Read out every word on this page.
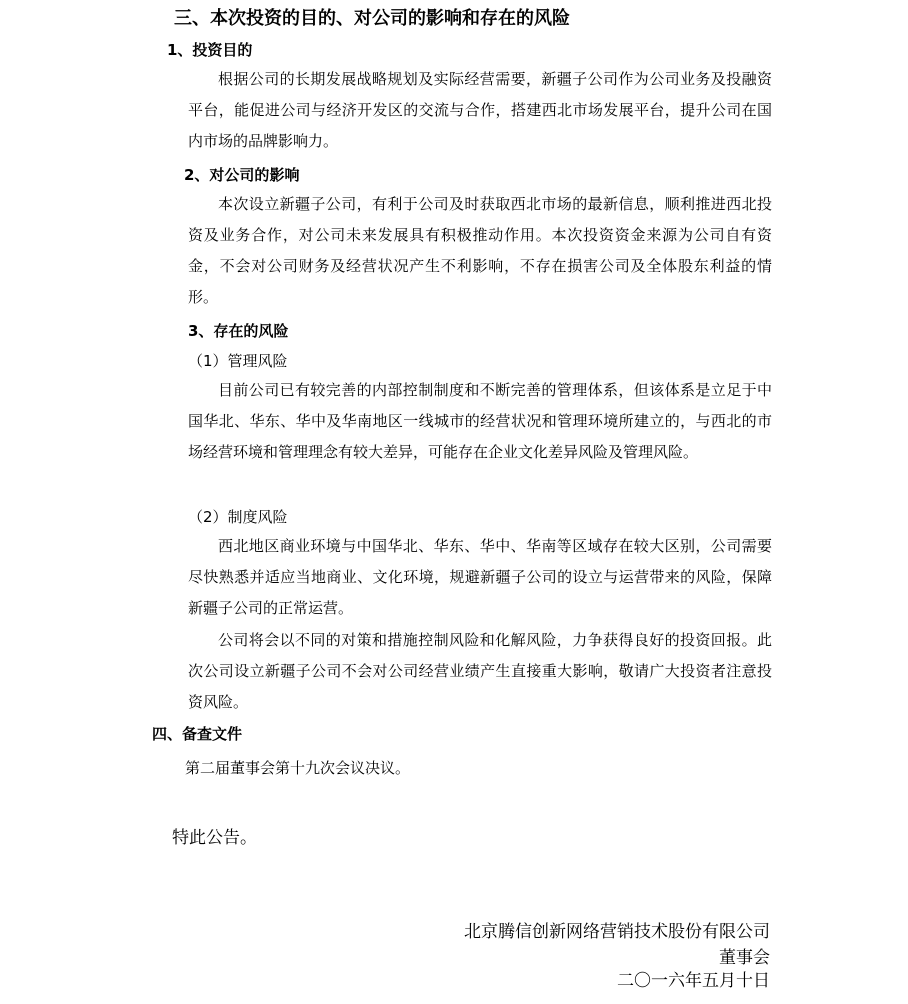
三、本次投资的目的、对公司的影响和存在的风险
1、投资目的

根据公司的长期发展战略规划及实际经营需要，新疆子公司作为公司业务及投融资平台，能促进公司与经济开发区的交流与合作，搭建西北市场发展平台，提升公司在国内市场的品牌影响力。

2、对公司的影响

本次设立新疆子公司，有利于公司及时获取西北市场的最新信息，顺利推进西北投资及业务合作，对公司未来发展具有积极推动作用。本次投资资金来源为公司自有资金，不会对公司财务及经营状况产生不利影响，不存在损害公司及全体股东利益的情形。

3、存在的风险

（1）管理风险

目前公司已有较完善的内部控制制度和不断完善的管理体系，但该体系是立足于中国华北、华东、华中及华南地区一线城市的经营状况和管理环境所建立的，与西北的市场经营环境和管理理念有较大差异，可能存在企业文化差异风险及管理风险。

（2）制度风险

西北地区商业环境与中国华北、华东、华中、华南等区域存在较大区别，公司需要尽快熟悉并适应当地商业、文化环境，规避新疆子公司的设立与运营带来的风险，保障新疆子公司的正常运营。

公司将会以不同的对策和措施控制风险和化解风险，力争获得良好的投资回报。此次公司设立新疆子公司不会对公司经营业绩产生直接重大影响，敬请广大投资者注意投资风险。

四、备查文件

第二届董事会第十九次会议决议。

特此公告。

北京腾信创新网络营销技术股份有限公司

董事会

二〇一六年五月十日
